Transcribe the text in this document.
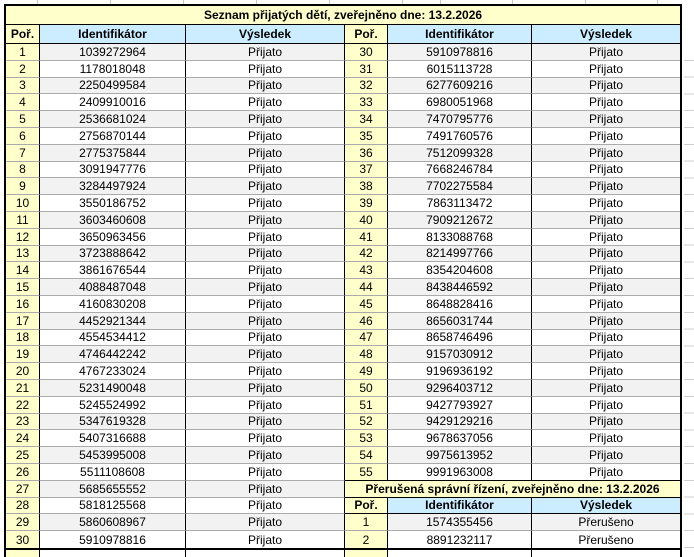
Seznam přijatých dětí, zveřejněno dne: 13.2.2026
Poř.	Identifikátor	Výsledek	Poř.	Identifikátor	Výsledek
1	1039272964	Přijato	30	5910978816	Přijato
2	1178018048	Přijato	31	6015113728	Přijato
3	2250499584	Přijato	32	6277609216	Přijato
4	2409910016	Přijato	33	6980051968	Přijato
5	2536681024	Přijato	34	7470795776	Přijato
6	2756870144	Přijato	35	7491760576	Přijato
7	2775375844	Přijato	36	7512099328	Přijato
8	3091947776	Přijato	37	7668246784	Přijato
9	3284497924	Přijato	38	7702275584	Přijato
10	3550186752	Přijato	39	7863113472	Přijato
11	3603460608	Přijato	40	7909212672	Přijato
12	3650963456	Přijato	41	8133088768	Přijato
13	3723888642	Přijato	42	8214997766	Přijato
14	3861676544	Přijato	43	8354204608	Přijato
15	4088487048	Přijato	44	8438446592	Přijato
16	4160830208	Přijato	45	8648828416	Přijato
17	4452921344	Přijato	46	8656031744	Přijato
18	4554534412	Přijato	47	8658746496	Přijato
19	4746442242	Přijato	48	9157030912	Přijato
20	4767233024	Přijato	49	9196936192	Přijato
21	5231490048	Přijato	50	9296403712	Přijato
22	5245524992	Přijato	51	9427793927	Přijato
23	5347619328	Přijato	52	9429129216	Přijato
24	5407316688	Přijato	53	9678637056	Přijato
25	5453995008	Přijato	54	9975613952	Přijato
26	5511108608	Přijato	55	9991963008	Přijato
27	5685655552	Přijato	Přerušená správní řízení, zveřejněno dne: 13.2.2026
28	5818125568	Přijato	Poř.	Identifikátor	Výsledek
29	5860608967	Přijato	1	1574355456	Přerušeno
30	5910978816	Přijato	2	8891232117	Přerušeno
